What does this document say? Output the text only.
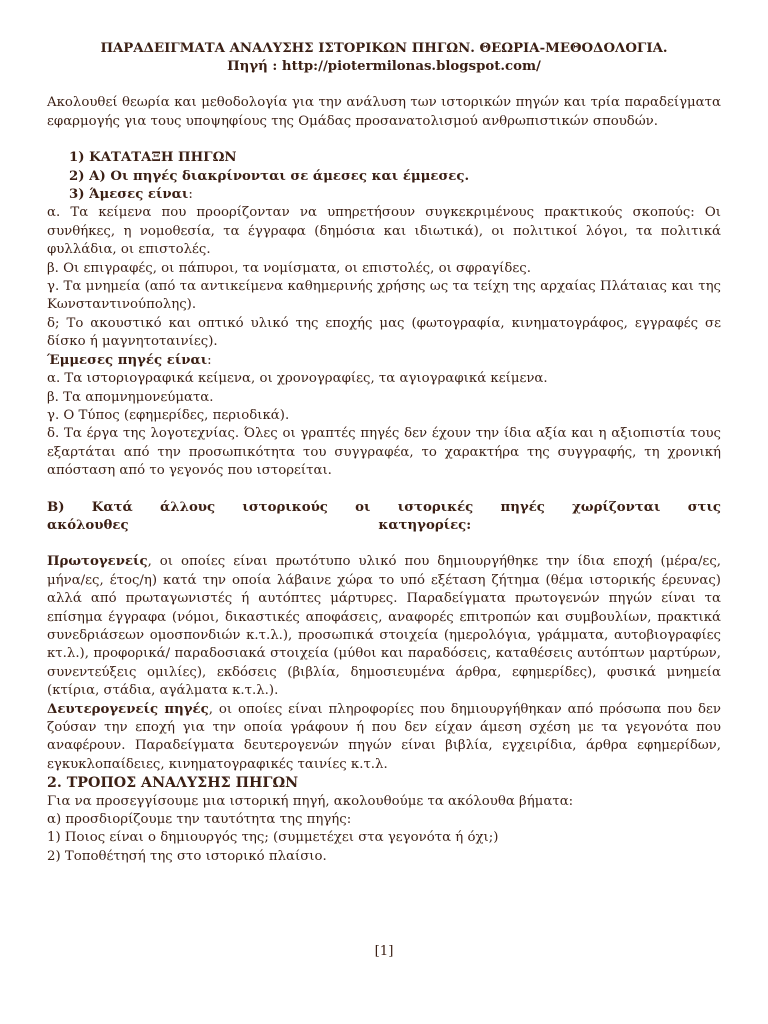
ΠΑΡΑΔΕΙΓΜΑΤΑ ΑΝΑΛΥΣΗΣ ΙΣΤΟΡΙΚΩΝ ΠΗΓΩΝ. ΘΕΩΡΙΑ-ΜΕΘΟΔΟΛΟΓΙΑ.
Πηγή : http://piotermilonas.blogspot.com/

Ακολουθεί θεωρία και μεθοδολογία για την ανάλυση των ιστορικών πηγών και τρία παραδείγματα εφαρμογής για τους υποψηφίους της Ομάδας προσανατολισμού ανθρωπιστικών σπουδών.

1) ΚΑΤΑΤΑΞΗ ΠΗΓΩΝ

2) Α) Οι πηγές διακρίνονται σε άμεσες και έμμεσες.

3) Άμεσες είναι:

α. Τα κείμενα που προορίζονταν να υπηρετήσουν συγκεκριμένους πρακτικούς σκοπούς: Οι συνθήκες, η νομοθεσία, τα έγγραφα (δημόσια και ιδιωτικά), οι πολιτικοί λόγοι, τα πολιτικά φυλλάδια, οι επιστολές.

β. Οι επιγραφές, οι πάπυροι, τα νομίσματα, οι επιστολές, οι σφραγίδες.

γ. Τα μνημεία (από τα αντικείμενα καθημερινής χρήσης ως τα τείχη της αρχαίας Πλάταιας και της Κωνσταντινούπολης).

δ; Το ακουστικό και οπτικό υλικό της εποχής μας (φωτογραφία, κινηματογράφος, εγγραφές σε δίσκο ή μαγνητοταινίες).

Έμμεσες πηγές είναι:

α. Τα ιστοριογραφικά κείμενα, οι χρονογραφίες, τα αγιογραφικά κείμενα.

β. Τα απομνημονεύματα.

γ. Ο Τύπος (εφημερίδες, περιοδικά).

δ. Τα έργα της λογοτεχνίας. Όλες οι γραπτές πηγές δεν έχουν την ίδια αξία και η αξιοπιστία τους εξαρτάται από την προσωπικότητα του συγγραφέα, το χαρακτήρα της συγγραφής, τη χρονική απόσταση από το γεγονός που ιστορείται.

Β) Κατά άλλους ιστορικούς οι ιστορικές πηγές χωρίζονται στις

ακόλουθες	κατηγορίες:

Πρωτογενείς, οι οποίες είναι πρωτότυπο υλικό που δημιουργήθηκε την ίδια εποχή (μέρα/ες, μήνα/ες, έτος/η) κατά την οποία λάβαινε χώρα το υπό εξέταση ζήτημα (θέμα ιστορικής έρευνας) αλλά από πρωταγωνιστές ή αυτόπτες μάρτυρες. Παραδείγματα πρωτογενών πηγών είναι τα επίσημα έγγραφα (νόμοι, δικαστικές αποφάσεις, αναφορές επιτροπών και συμβουλίων, πρακτικά συνεδριάσεων ομοσπονδιών κ.τ.λ.), προσωπικά στοιχεία (ημερολόγια, γράμματα, αυτοβιογραφίες κτ.λ.), προφορικά/ παραδοσιακά στοιχεία (μύθοι και παραδόσεις, καταθέσεις αυτόπτων μαρτύρων, συνεντεύξεις ομιλίες), εκδόσεις (βιβλία, δημοσιευμένα άρθρα, εφημερίδες), φυσικά μνημεία (κτίρια, στάδια, αγάλματα κ.τ.λ.).

Δευτερογενείς πηγές, οι οποίες είναι πληροφορίες που δημιουργήθηκαν από πρόσωπα που δεν ζούσαν την εποχή για την οποία γράφουν ή που δεν είχαν άμεση σχέση με τα γεγονότα που αναφέρουν. Παραδείγματα δευτερογενών πηγών είναι βιβλία, εγχειρίδια, άρθρα εφημερίδων, εγκυκλοπαίδειες, κινηματογραφικές ταινίες κ.τ.λ.

2. ΤΡΟΠΟΣ ΑΝΑΛΥΣΗΣ ΠΗΓΩΝ

Για να προσεγγίσουμε μια ιστορική πηγή, ακολουθούμε τα ακόλουθα βήματα:

α) προσδιορίζουμε την ταυτότητα της πηγής:

1) Ποιος είναι ο δημιουργός της; (συμμετέχει στα γεγονότα ή όχι;)

2) Τοποθέτησή της στο ιστορικό πλαίσιο.

[1]
